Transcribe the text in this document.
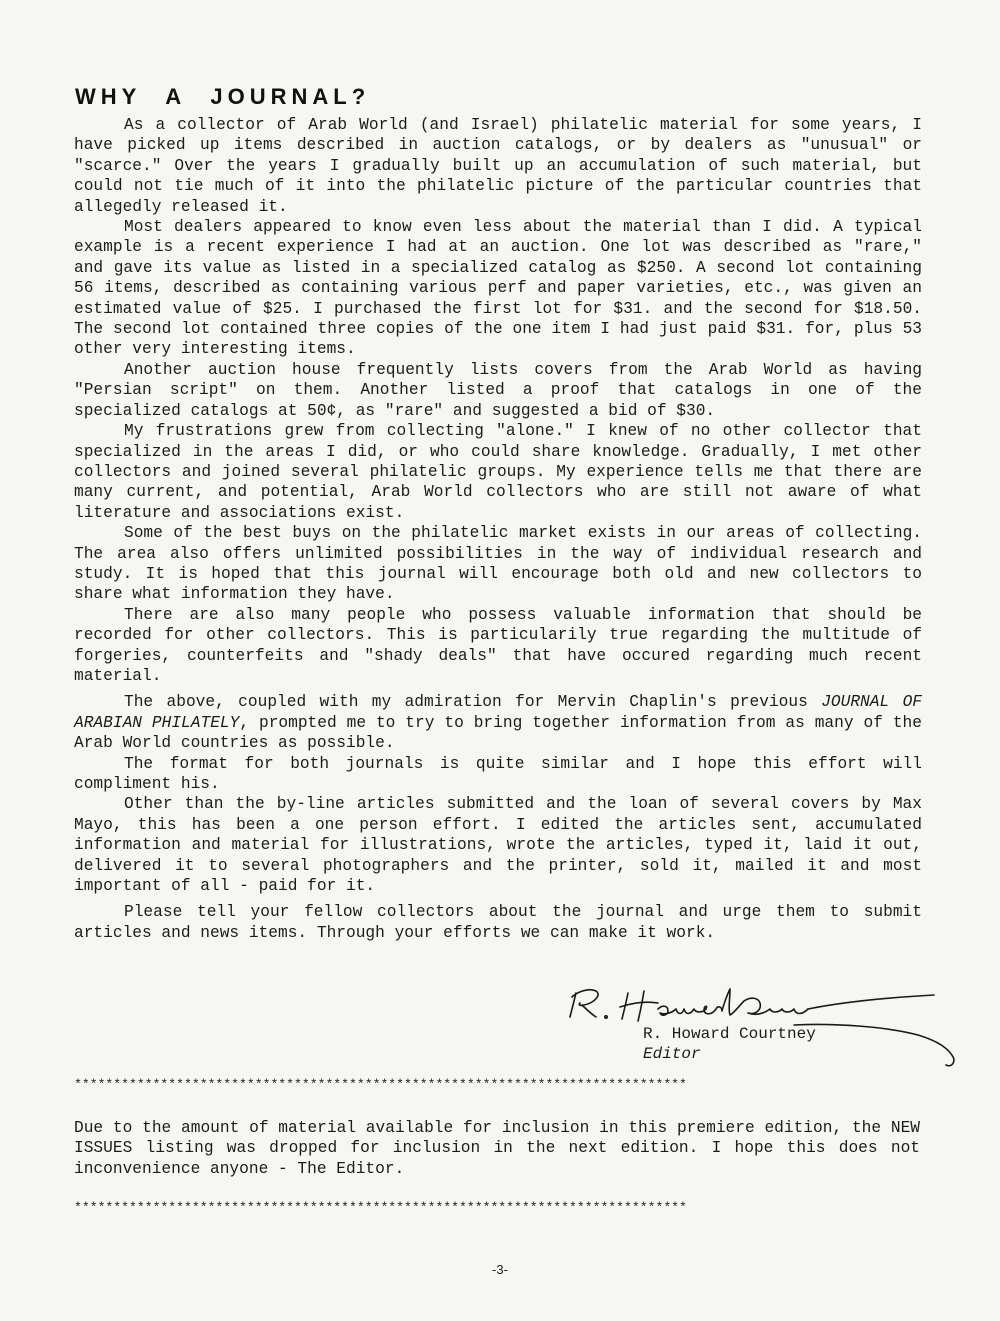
WHY A JOURNAL?

As a collector of Arab World (and Israel) philatelic material for some years, I have picked up items described in auction catalogs, or by dealers as "unusual" or "scarce." Over the years I gradually built up an accumulation of such material, but could not tie much of it into the philatelic picture of the particular countries that allegedly released it.

Most dealers appeared to know even less about the material than I did. A typical example is a recent experience I had at an auction. One lot was described as "rare," and gave its value as listed in a specialized catalog as $250. A second lot containing 56 items, described as containing various perf and paper varieties, etc., was given an estimated value of $25. I purchased the first lot for $31. and the second for $18.50. The second lot contained three copies of the one item I had just paid $31. for, plus 53 other very interesting items.

Another auction house frequently lists covers from the Arab World as having "Persian script" on them. Another listed a proof that catalogs in one of the specialized catalogs at 50¢, as "rare" and suggested a bid of $30.

My frustrations grew from collecting "alone." I knew of no other collector that specialized in the areas I did, or who could share knowledge. Gradually, I met other collectors and joined several philatelic groups. My experience tells me that there are many current, and potential, Arab World collectors who are still not aware of what literature and associations exist.

Some of the best buys on the philatelic market exists in our areas of collecting. The area also offers unlimited possibilities in the way of individual research and study. It is hoped that this journal will encourage both old and new collectors to share what information they have.

There are also many people who possess valuable information that should be recorded for other collectors. This is particularily true regarding the multitude of forgeries, counterfeits and "shady deals" that have occured regarding much recent material.

The above, coupled with my admiration for Mervin Chaplin's previous JOURNAL OF ARABIAN PHILATELY, prompted me to try to bring together information from as many of the Arab World countries as possible.

The format for both journals is quite similar and I hope this effort will compliment his.

Other than the by-line articles submitted and the loan of several covers by Max Mayo, this has been a one person effort. I edited the articles sent, accumulated information and material for illustrations, wrote the articles, typed it, laid it out, delivered it to several photographers and the printer, sold it, mailed it and most important of all - paid for it.

Please tell your fellow collectors about the journal and urge them to submit articles and news items. Through your efforts we can make it work.

R. Howard Courtney

Editor

******************************************************************************

Due to the amount of material available for inclusion in this premiere edition, the NEW ISSUES listing was dropped for inclusion in the next edition. I hope this does not inconvenience anyone - The Editor.

******************************************************************************

-3-
